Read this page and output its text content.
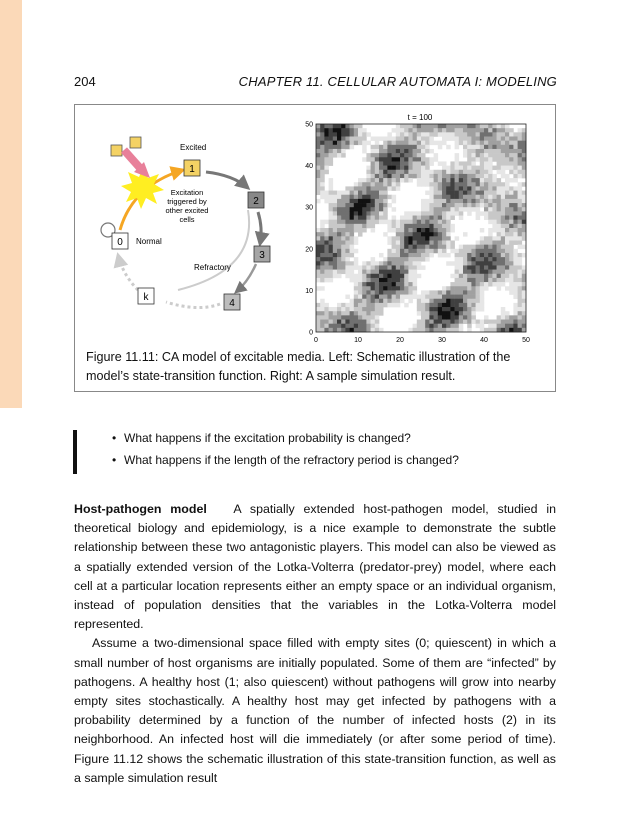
204	CHAPTER 11. CELLULAR AUTOMATA I: MODELING
1
2
3
4
k
0
Excited
Normal
Refractory
Excitation
triggered by
other excited
cells
t = 100
0	10	20	30	40	50
0
10
20
30
40
50
Figure 11.11: CA model of excitable media. Left: Schematic illustration of the model’s state-transition function. Right: A sample simulation result.
• What happens if the excitation probability is changed?
• What happens if the length of the refractory period is changed?

Host-pathogen model A spatially extended host-pathogen model, studied in theoretical biology and epidemiology, is a nice example to demonstrate the subtle relationship between these two antagonistic players. This model can also be viewed as a spatially extended version of the Lotka-Volterra (predator-prey) model, where each cell at a particular location represents either an empty space or an individual organism, instead of population densities that the variables in the Lotka-Volterra model represented.

Assume a two-dimensional space filled with empty sites (0; quiescent) in which a small number of host organisms are initially populated. Some of them are “infected” by pathogens. A healthy host (1; also quiescent) without pathogens will grow into nearby empty sites stochastically. A healthy host may get infected by pathogens with a probability determined by a function of the number of infected hosts (2) in its neighborhood. An infected host will die immediately (or after some period of time). Figure 11.12 shows the schematic illustration of this state-transition function, as well as a sample simulation result
